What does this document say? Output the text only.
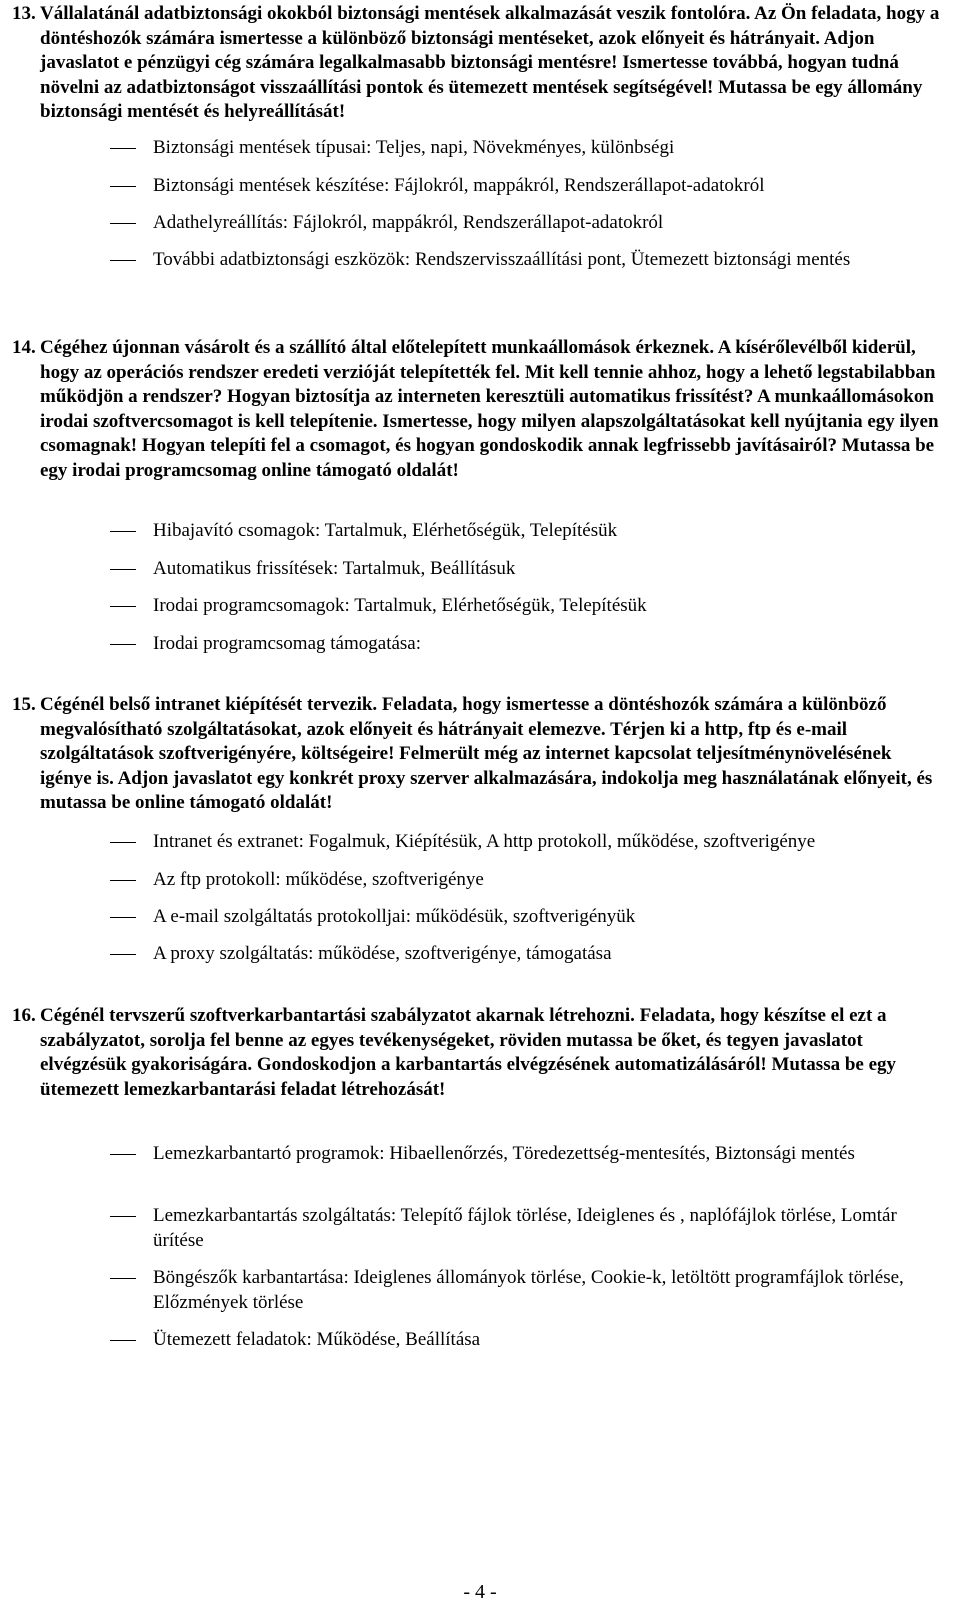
13. Vállalatánál adatbiztonsági okokból biztonsági mentések alkalmazását veszik fontolóra. Az Ön feladata, hogy a döntéshozók számára ismertesse a különböző biztonsági mentéseket, azok előnyeit és hátrányait. Adjon javaslatot e pénzügyi cég számára legalkalmasabb biztonsági mentésre! Ismertesse továbbá, hogyan tudná növelni az adatbiztonságot visszaállítási pontok és ütemezett mentések segítségével! Mutassa be egy állomány biztonsági mentését és helyreállítását!
Biztonsági mentések típusai: Teljes, napi, Növekményes, különbségi
Biztonsági mentések készítése: Fájlokról, mappákról, Rendszerállapot-adatokról
Adathelyreállítás: Fájlokról, mappákról, Rendszerállapot-adatokról
További adatbiztonsági eszközök: Rendszervisszaállítási pont, Ütemezett biztonsági mentés
14. Cégéhez újonnan vásárolt és a szállító által előtelepített munkaállomások érkeznek. A kísérőlevélből kiderül, hogy az operációs rendszer eredeti verzióját telepítették fel. Mit kell tennie ahhoz, hogy a lehető legstabilabban működjön a rendszer? Hogyan biztosítja az interneten keresztüli automatikus frissítést? A munkaállomásokon irodai szoftvercsomagot is kell telepítenie. Ismertesse, hogy milyen alapszolgáltatásokat kell nyújtania egy ilyen csomagnak! Hogyan telepíti fel a csomagot, és hogyan gondoskodik annak legfrissebb javításairól? Mutassa be egy irodai programcsomag online támogató oldalát!
Hibajavító csomagok: Tartalmuk, Elérhetőségük, Telepítésük
Automatikus frissítések: Tartalmuk, Beállításuk
Irodai programcsomagok: Tartalmuk, Elérhetőségük, Telepítésük
Irodai programcsomag támogatása:
15. Cégénél belső intranet kiépítését tervezik. Feladata, hogy ismertesse a döntéshozók számára a különböző megvalósítható szolgáltatásokat, azok előnyeit és hátrányait elemezve. Térjen ki a http, ftp és e-mail szolgáltatások szoftverigényére, költségeire! Felmerült még az internet kapcsolat teljesítménynövelésének igénye is. Adjon javaslatot egy konkrét proxy szerver alkalmazására, indokolja meg használatának előnyeit, és mutassa be online támogató oldalát!
Intranet és extranet: Fogalmuk, Kiépítésük, A http protokoll, működése, szoftverigénye
Az ftp protokoll: működése, szoftverigénye
A e-mail szolgáltatás protokolljai: működésük, szoftverigényük
A proxy szolgáltatás: működése, szoftverigénye, támogatása
16. Cégénél tervszerű szoftverkarbantartási szabályzatot akarnak létrehozni. Feladata, hogy készítse el ezt a szabályzatot, sorolja fel benne az egyes tevékenységeket, röviden mutassa be őket, és tegyen javaslatot elvégzésük gyakoriságára. Gondoskodjon a karbantartás elvégzésének automatizálásáról! Mutassa be egy ütemezett lemezkarbantarási feladat létrehozását!
Lemezkarbantartó programok: Hibaellenőrzés, Töredezettség-mentesítés, Biztonsági mentés
Lemezkarbantartás szolgáltatás: Telepítő fájlok törlése, Ideiglenes és , naplófájlok törlése, Lomtár ürítése
Böngészők karbantartása: Ideiglenes állományok törlése, Cookie-k, letöltött programfájlok törlése, Előzmények törlése
Ütemezett feladatok: Működése, Beállítása
- 4 -
